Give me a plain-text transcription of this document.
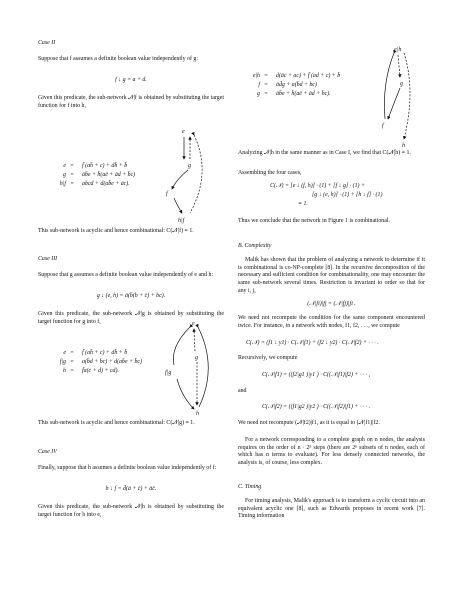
Case II
Suppose that f assumes a definite boolean value independently of g:
f ↓ g = a + d.
Given this predicate, the sub-network 𝒩|f is obtained by substituting the target function for f into h,
e = f̄ (ah̄ + c) + dh̄ + b̄
g = āb̄e + h̄(aē + ād + b̄c)
h|f = abcd + d(ab̄e + āc).
e
g
f
h|f
This sub-network is acyclic and hence combinational: C(𝒩|f) ≡ 1.
Case III
Suppose that g assumes a definite boolean value independently of e and h:
g ↓ (e, h) = ā(b̄(b + c̄) + bc).
Given this predicate, the sub-network 𝒩|g is obtained by substituting the target function for g into f,
e = f̄ (ah̄ + c) + dh̄ + b̄
f|g = a(b̄d + bc) + d(ab̄e + b̄c)
h = f̄a(c + d) + cd).
e
g
f|g
h
This sub-network is acyclic and hence combinational: C(𝒩|g) ≡ 1.
Case IV
Finally, suppose that h assumes a definite boolean value independently of f:
h ↓ f = d̄(ā + c̄) + āc̄.
Given this predicate, the sub-network 𝒩|h is obtained by substituting the target function for h into e,
e|h = d(āc + ac) + f̄ (ad + c) + b̄
f = ād̄g + a(b̄d + bc)
g = āb̄e + h̄(aē + ād + b̄c).
e|h
g
f
h
Analyzing 𝒩|h in the same manner as in Case I, we find that C(𝒩|h) ≡ 1.
Assembling the four cases,
C(𝒩) = [e ↓ (f, h)] · (1) + [f ↓ g] · (1) +
[g ↓ (e, h)] · (1) + [h ↓ f] · (1)
≡ 1.
Thus we conclude that the network in Figure 1 is combinational.
B. Complexity
Malik has shown that the problem of analyzing a network to determine if it is combinational is co-NP-complete [8]. In the recursive decomposition of the necessary and sufficient condition for combinationality, one may encounter the same sub-network several times. Restriction is invariant to order so that for any i, j,
(𝒩|fi)|fj = (𝒩|fj)|fi .
We need not recompute the condition for the same component encountered twice. For instance, in a network with nodes, f1, f2, . . ., we compute
C(𝒩) = (f1 ↓ y1) · C(𝒩|f1) + (f2 ↓ y2) · C(𝒩|f2) + · · · .
Recursively, we compute
C(𝒩|f1) = ((f2|g1 )|y1 ) · C((𝒩|f1)|f2) + · · · ,
and
C(𝒩|f2) = ((f1|g2 )|y2 ) · C((𝒩|f2)|f1) + · · · .
We need not recompute (𝒩|f2)|f1, as it is equal to (𝒩|f1)|f2.
For a network corresponding to a complete graph on n nodes, the analysis requires on the order of n · 2ⁿ steps (there are 2ⁿ subsets of n nodes, each of which has n terms to evaluate). For less densely connected networks, the analysis is, of course, less complex.
C. Timing
For timing analysis, Malik's approach is to transform a cyclic circuit into an equivalent acyclic one [8], such as Edwards proposes in recent work [7]. Timing information
